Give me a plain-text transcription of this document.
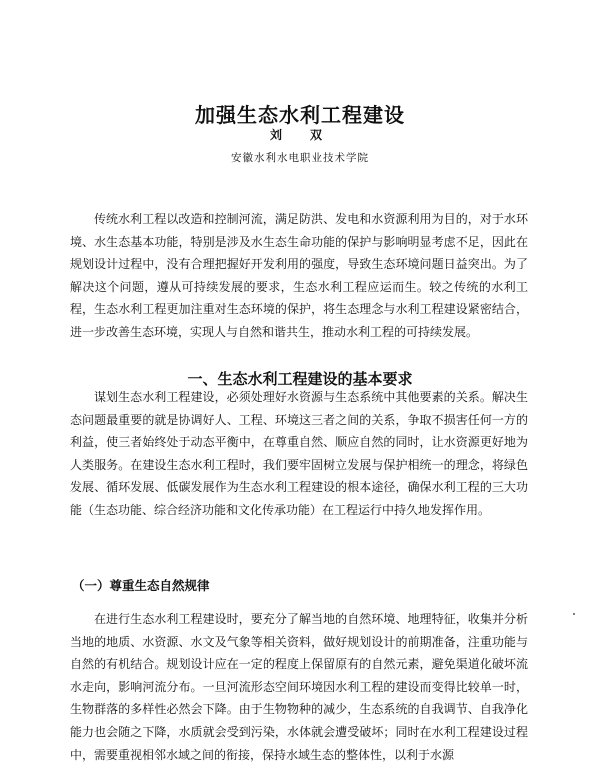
加强生态水利工程建设
刘　双
安徽水利水电职业技术学院

传统水利工程以改造和控制河流，满足防洪、发电和水资源利用为目的，对于水环境、水生态基本功能，特别是涉及水生态生命功能的保护与影响明显考虑不足，因此在规划设计过程中，没有合理把握好开发利用的强度，导致生态环境问题日益突出。为了解决这个问题，遵从可持续发展的要求，生态水利工程应运而生。较之传统的水利工程，生态水利工程更加注重对生态环境的保护，将生态理念与水利工程建设紧密结合，进一步改善生态环境，实现人与自然和谐共生，推动水利工程的可持续发展。

一、生态水利工程建设的基本要求

谋划生态水利工程建设，必须处理好水资源与生态系统中其他要素的关系。解决生态问题最重要的就是协调好人、工程、环境这三者之间的关系，争取不损害任何一方的利益，使三者始终处于动态平衡中，在尊重自然、顺应自然的同时，让水资源更好地为人类服务。在建设生态水利工程时，我们要牢固树立发展与保护相统一的理念，将绿色发展、循环发展、低碳发展作为生态水利工程建设的根本途径，确保水利工程的三大功能（生态功能、综合经济功能和文化传承功能）在工程运行中持久地发挥作用。

（一）尊重生态自然规律

在进行生态水利工程建设时，要充分了解当地的自然环境、地理特征，收集并分析当地的地质、水资源、水文及气象等相关资料，做好规划设计的前期准备，注重功能与自然的有机结合。规划设计应在一定的程度上保留原有的自然元素，避免渠道化破坏流水走向，影响河流分布。一旦河流形态空间环境因水利工程的建设而变得比较单一时，生物群落的多样性必然会下降。由于生物物种的减少，生态系统的自我调节、自我净化能力也会随之下降，水质就会受到污染，水体就会遭受破坏；同时在水利工程建设过程中，需要重视相邻水域之间的衔接，保持水域生态的整体性，以利于水源
